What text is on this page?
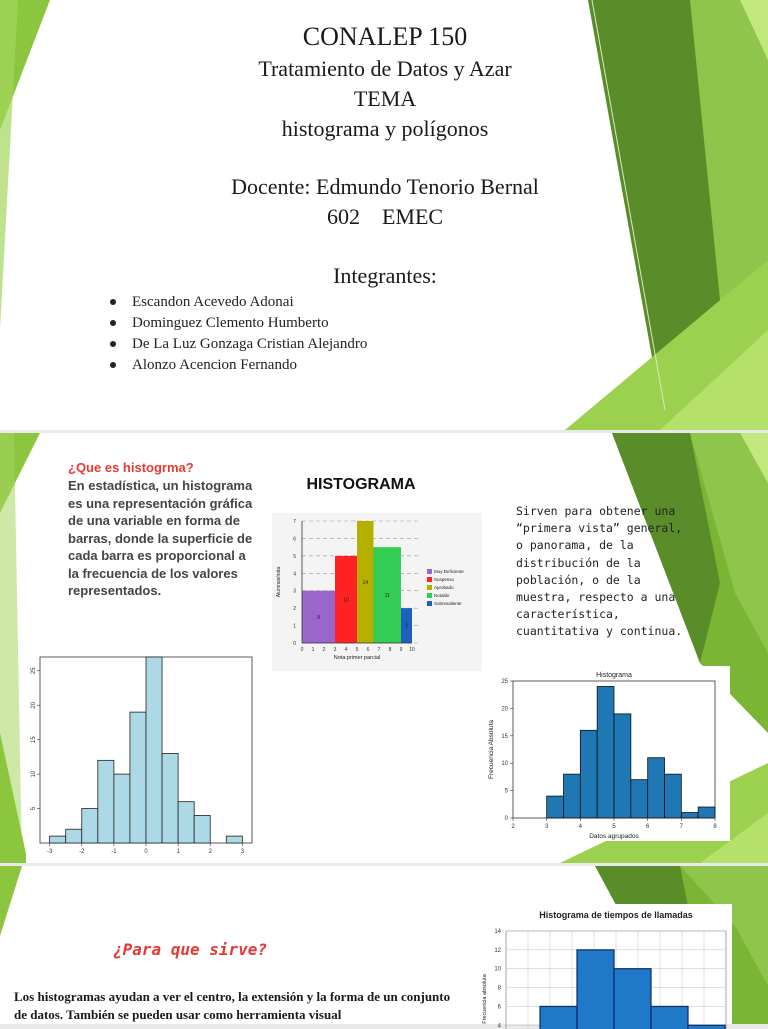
CONALEP 150
Tratamiento de Datos y Azar
TEMA
histograma y polígonos
Docente: Edmundo Tenorio Bernal
602    EMEC
Integrantes:
Escandon Acevedo Adonai
Dominguez Clemento Humberto
De La Luz Gonzaga Cristian Alejandro
Alonzo Acencion Fernando
¿Que es histogrma?
En estadística, un histograma es una representación gráfica de una variable en forma de barras, donde la superficie de cada barra es proporcional a la frecuencia de los valores representados.
HISTOGRAMA
Sirven para obtener una “primera vista” general, o panorama, de la distribución de la población, o de la muestra, respecto a una característica, cuantitativa y continua.
0
1
2
3
4
5
6
7
9
10
14
11
2
0 1 2 3 4 5 6 7 8 9 10
Nota primer parcial
Alumnos/nota	Muy Deficiente
Suspenso
Aprobado
Notable
Sobresaliente
-3	-2	-1	0	1	2	3
5
10
15
20
25
Histograma
2	3	4	5	6	7	8
0
5
10
15
20
25
Datos agrupados
Frecuencia Absoluta
¿Para que sirve?
Los histogramas ayudan a ver el centro, la extensión y la forma de un conjunto de datos. También se pueden usar como herramienta visual
Histograma de tiempos de llamadas
4
6
8
10
12
14
Frecuencia absoluta
